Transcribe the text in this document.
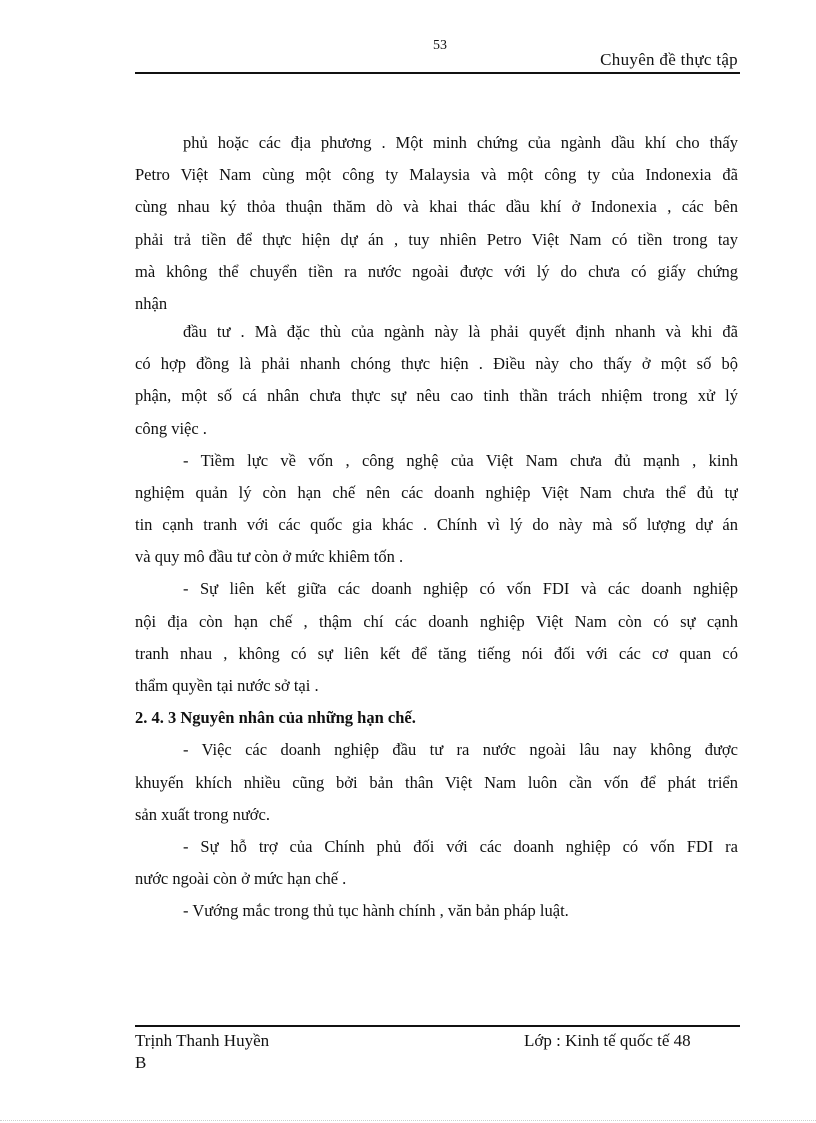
53
Chuyên đề thực tập
phủ hoặc các địa phương . Một minh chứng của ngành dầu khí cho thấy
Petro Việt Nam cùng một công ty Malaysia và một công ty của Indonexia đã
cùng nhau ký thỏa thuận thăm dò và khai thác dầu khí ở Indonexia , các bên
phải trả tiền để thực hiện dự án , tuy nhiên Petro Việt Nam có tiền trong tay
mà không thể chuyển tiền ra nước ngoài được với lý do chưa có giấy chứng
nhận
đầu tư . Mà đặc thù của ngành này là phải quyết định nhanh và khi đã
có hợp đồng là phải nhanh chóng thực hiện . Điều này cho thấy ở một số bộ
phận, một số cá nhân chưa thực sự nêu cao tinh thần trách nhiệm trong xử lý
công việc .
- Tiềm lực về vốn , công nghệ của Việt Nam chưa đủ mạnh , kinh
nghiệm quản lý còn hạn chế nên các doanh nghiệp Việt Nam chưa thể đủ tự
tin cạnh tranh với các quốc gia khác . Chính vì lý do này mà số lượng dự án
và quy mô đầu tư còn ở mức khiêm tốn .
- Sự liên kết giữa các doanh nghiệp có vốn FDI và các doanh nghiệp
nội địa còn hạn chế , thậm chí các doanh nghiệp Việt Nam còn có sự cạnh
tranh nhau , không có sự liên kết để tăng tiếng nói đối với các cơ quan có
thẩm quyền tại nước sở tại .
2. 4. 3 Nguyên nhân của những hạn chế.
- Việc các doanh nghiệp đầu tư ra nước ngoài lâu nay không được
khuyến khích nhiều cũng bởi bản thân Việt Nam luôn cần vốn để phát triển
sản xuất trong nước.
- Sự hỗ trợ của Chính phủ đối với các doanh nghiệp có vốn FDI ra
nước ngoài còn ở mức hạn chế .
- Vướng mắc trong thủ tục hành chính , văn bản pháp luật.
Trịnh Thanh Huyền
B
Lớp : Kinh tế quốc tế 48
